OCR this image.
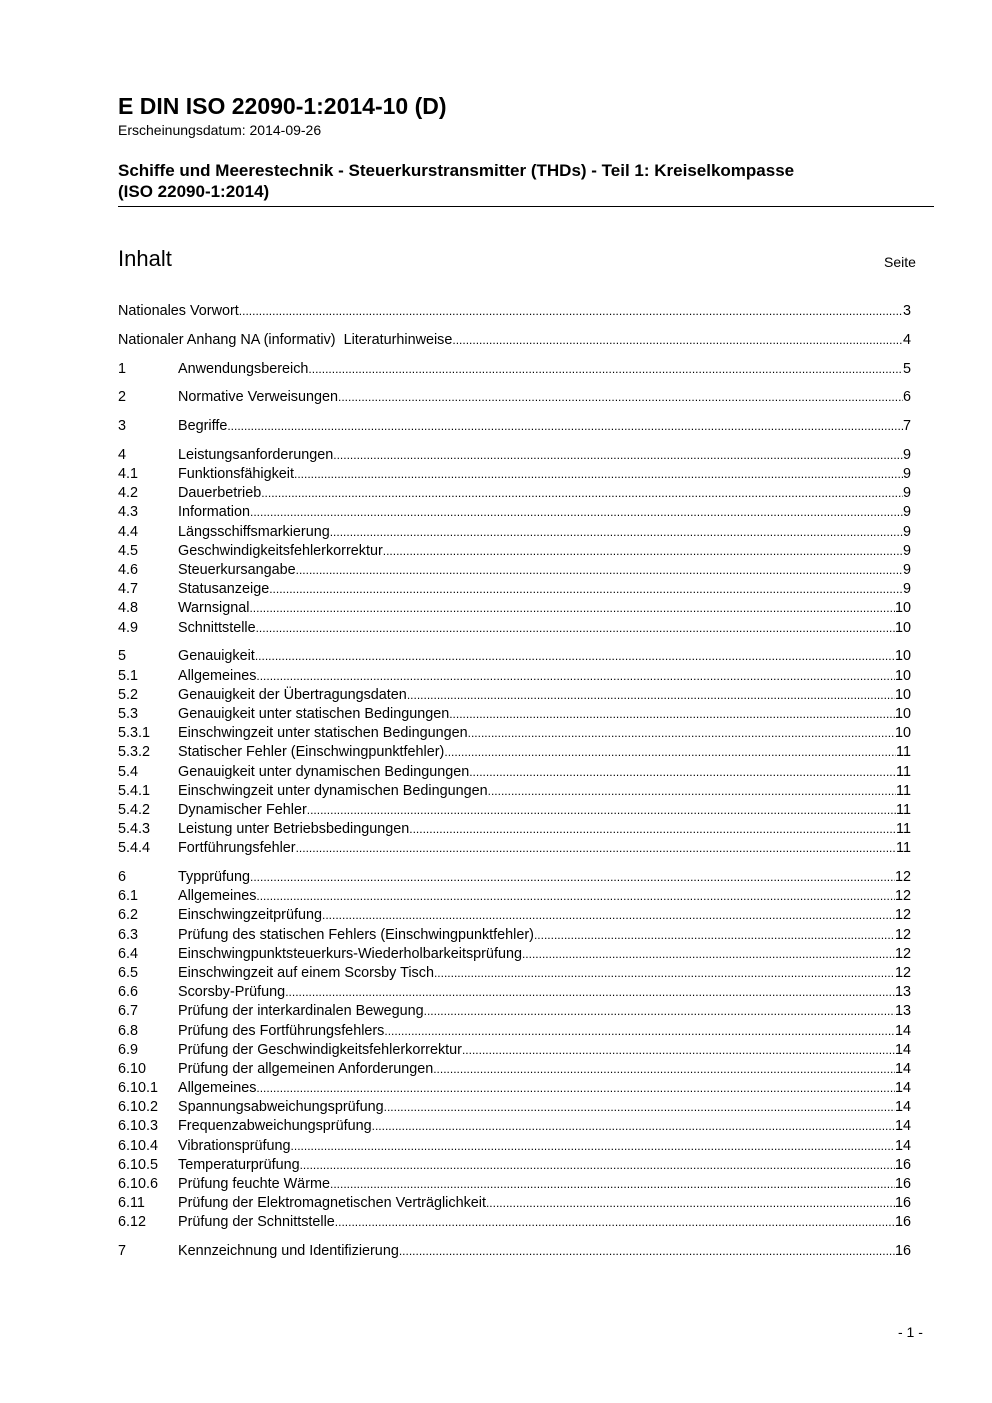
E DIN ISO 22090-1:2014-10 (D)
Erscheinungsdatum: 2014-09-26
Schiffe und Meerestechnik - Steuerkurstransmitter (THDs) - Teil 1: Kreiselkompasse
(ISO 22090-1:2014)
Inhalt	Seite
Nationales Vorwort .....	3
Nationaler Anhang NA (informativ) Literaturhinweise .....	4
1	Anwendungsbereich .....	5
2	Normative Verweisungen .....	6
3	Begriffe .....	7
4	Leistungsanforderungen .....	9
4.1	Funktionsfähigkeit .....	9
4.2	Dauerbetrieb .....	9
4.3	Information .....	9
4.4	Längsschiffsmarkierung .....	9
4.5	Geschwindigkeitsfehlerkorrektur .....	9
4.6	Steuerkursangabe .....	9
4.7	Statusanzeige .....	9
4.8	Warnsignal .....	10
4.9	Schnittstelle .....	10
5	Genauigkeit .....	10
5.1	Allgemeines .....	10
5.2	Genauigkeit der Übertragungsdaten .....	10
5.3	Genauigkeit unter statischen Bedingungen .....	10
5.3.1	Einschwingzeit unter statischen Bedingungen .....	10
5.3.2	Statischer Fehler (Einschwingpunktfehler) .....	11
5.4	Genauigkeit unter dynamischen Bedingungen .....	11
5.4.1	Einschwingzeit unter dynamischen Bedingungen .....	11
5.4.2	Dynamischer Fehler .....	11
5.4.3	Leistung unter Betriebsbedingungen .....	11
5.4.4	Fortführungsfehler .....	11
6	Typprüfung .....	12
6.1	Allgemeines .....	12
6.2	Einschwingzeitprüfung .....	12
6.3	Prüfung des statischen Fehlers (Einschwingpunktfehler) .....	12
6.4	Einschwingpunktsteuerkurs-Wiederholbarkeitsprüfung .....	12
6.5	Einschwingzeit auf einem Scorsby Tisch .....	12
6.6	Scorsby-Prüfung .....	13
6.7	Prüfung der interkardinalen Bewegung .....	13
6.8	Prüfung des Fortführungsfehlers .....	14
6.9	Prüfung der Geschwindigkeitsfehlerkorrektur .....	14
6.10	Prüfung der allgemeinen Anforderungen .....	14
6.10.1	Allgemeines .....	14
6.10.2	Spannungsabweichungsprüfung .....	14
6.10.3	Frequenzabweichungsprüfung .....	14
6.10.4	Vibrationsprüfung .....	14
6.10.5	Temperaturprüfung .....	16
6.10.6	Prüfung feuchte Wärme .....	16
6.11	Prüfung der Elektromagnetischen Verträglichkeit .....	16
6.12	Prüfung der Schnittstelle .....	16
7	Kennzeichnung und Identifizierung .....	16
- 1 -
